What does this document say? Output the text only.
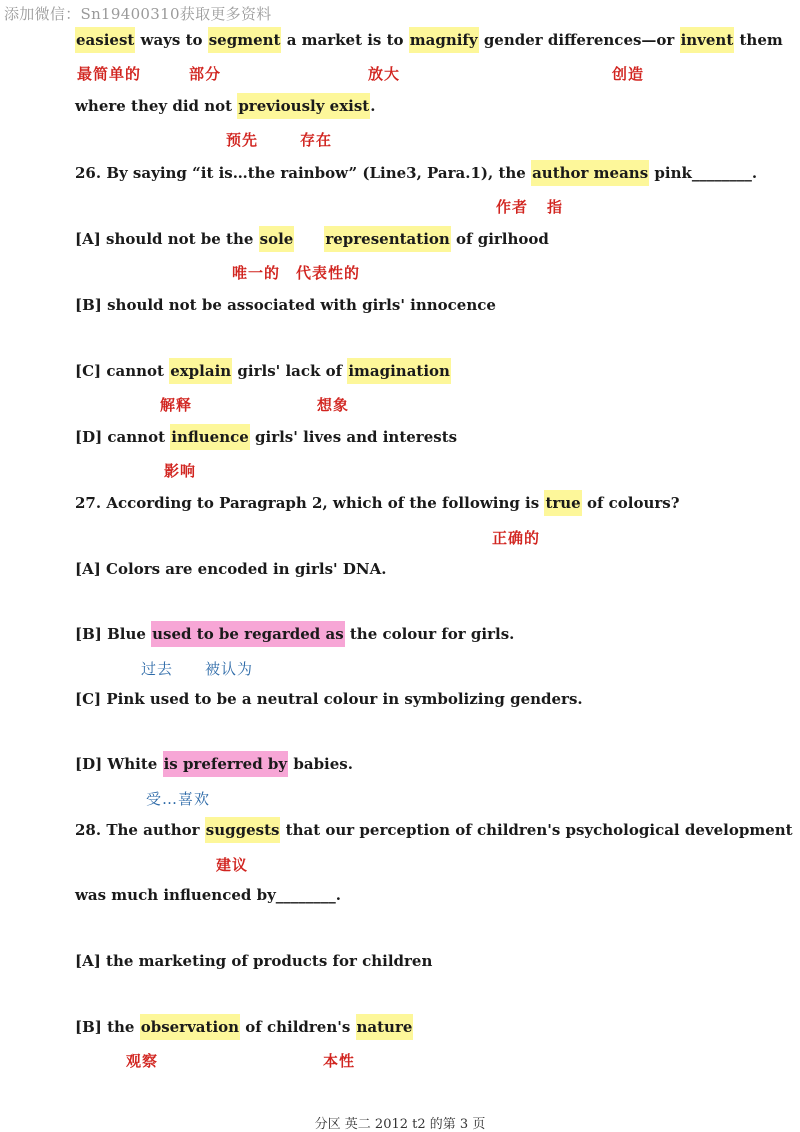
添加微信：Sn19400310获取更多资料
easiest ways to segment a market is to magnify gender differences—or invent them
最简单的	部分	放大	创造
where they did not previously exist.
预先	存在
26. By saying “it is…the rainbow” (Line3, Para.1), the author means pink________.
作者 指
[A] should not be the sole representation of girlhood
唯一的 代表性的
[B] should not be associated with girls' innocence
[C] cannot explain girls' lack of imagination
解释	想象
[D] cannot influence girls' lives and interests
影响
27. According to Paragraph 2, which of the following is true of colours?
正确的
[A] Colors are encoded in girls' DNA.
[B] Blue used to be regarded as the colour for girls.
过去 被认为
[C] Pink used to be a neutral colour in symbolizing genders.
[D] White is preferred by babies.
受…喜欢
28. The author suggests that our perception of children's psychological development
建议
was much influenced by________.
[A] the marketing of products for children
[B] the observation of children's nature
观察	本性
分区 英二 2012 t2 的第 3 页
